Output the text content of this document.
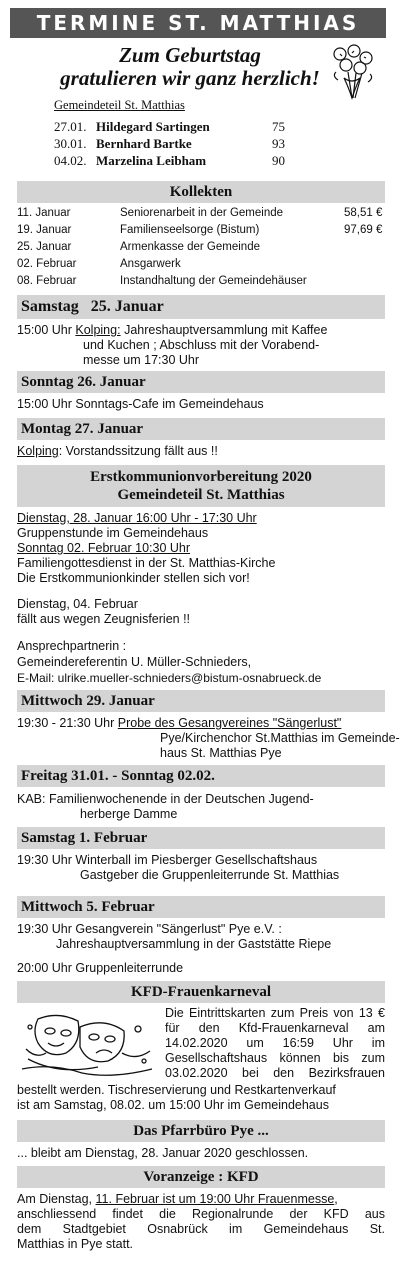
TERMINE ST. MATTHIAS
Zum Geburtstag
gratulieren wir ganz herzlich!
Gemeindeteil St. Matthias
27.01. Hildegard Sartingen	75
30.01. Bernhard Bartke	93
04.02. Marzelina Leibham	90
Kollekten
11. Januar	Seniorenarbeit in der Gemeinde	58,51 €
19. Januar	Familienseelsorge (Bistum)	97,69 €
25. Januar	Armenkasse der Gemeinde
02. Februar	Ansgarwerk
08. Februar	Instandhaltung der Gemeindehäuser
Samstag   25. Januar
15:00 Uhr Kolping: Jahreshauptversammlung mit Kaffee
und Kuchen ; Abschluss mit der Vorabend-
messe um 17:30 Uhr
Sonntag 26. Januar
15:00 Uhr Sonntags-Cafe im Gemeindehaus
Montag 27. Januar
Kolping: Vorstandssitzung fällt aus !!
Erstkommunionvorbereitung 2020
Gemeindeteil St. Matthias
Dienstag, 28. Januar 16:00 Uhr - 17:30 Uhr
Gruppenstunde im Gemeindehaus
Sonntag 02. Februar 10:30 Uhr
Familiengottesdienst in der St. Matthias-Kirche
Die Erstkommunionkinder stellen sich vor!
Dienstag, 04. Februar
fällt aus wegen Zeugnisferien !!
Ansprechpartnerin :
Gemeindereferentin U. Müller-Schnieders,
E-Mail: ulrike.mueller-schnieders@bistum-osnabrueck.de
Mittwoch 29. Januar
19:30 - 21:30 Uhr Probe des Gesangvereines "Sängerlust"
Pye/Kirchenchor St.Matthias im Gemeinde-
haus St. Matthias Pye
Freitag 31.01. - Sonntag 02.02.
KAB: Familienwochenende in der Deutschen Jugend-
herberge Damme
Samstag 1. Februar
19:30 Uhr Winterball im Piesberger Gesellschaftshaus
Gastgeber die Gruppenleiterrunde St. Matthias
Mittwoch 5. Februar
19:30 Uhr Gesangverein "Sängerlust" Pye e.V. :
Jahreshauptversammlung in der Gaststätte Riepe
20:00 Uhr Gruppenleiterrunde
KFD-Frauenkarneval
Die Eintrittskarten zum Preis von 13 €
für den Kfd-Frauenkarneval am
14.02.2020 um 16:59 Uhr im
Gesellschaftshaus können bis zum
03.02.2020 bei den Bezirksfrauen
bestellt werden. Tischreservierung und Restkartenverkauf
ist am Samstag, 08.02. um 15:00 Uhr im Gemeindehaus
Das Pfarrbüro Pye ...
... bleibt am Dienstag, 28. Januar 2020 geschlossen.
Voranzeige : KFD
Am Dienstag, 11. Februar ist um 19:00 Uhr Frauenmesse,
anschliessend findet die Regionalrunde der KFD aus
dem Stadtgebiet Osnabrück im Gemeindehaus St.
Matthias in Pye statt.
